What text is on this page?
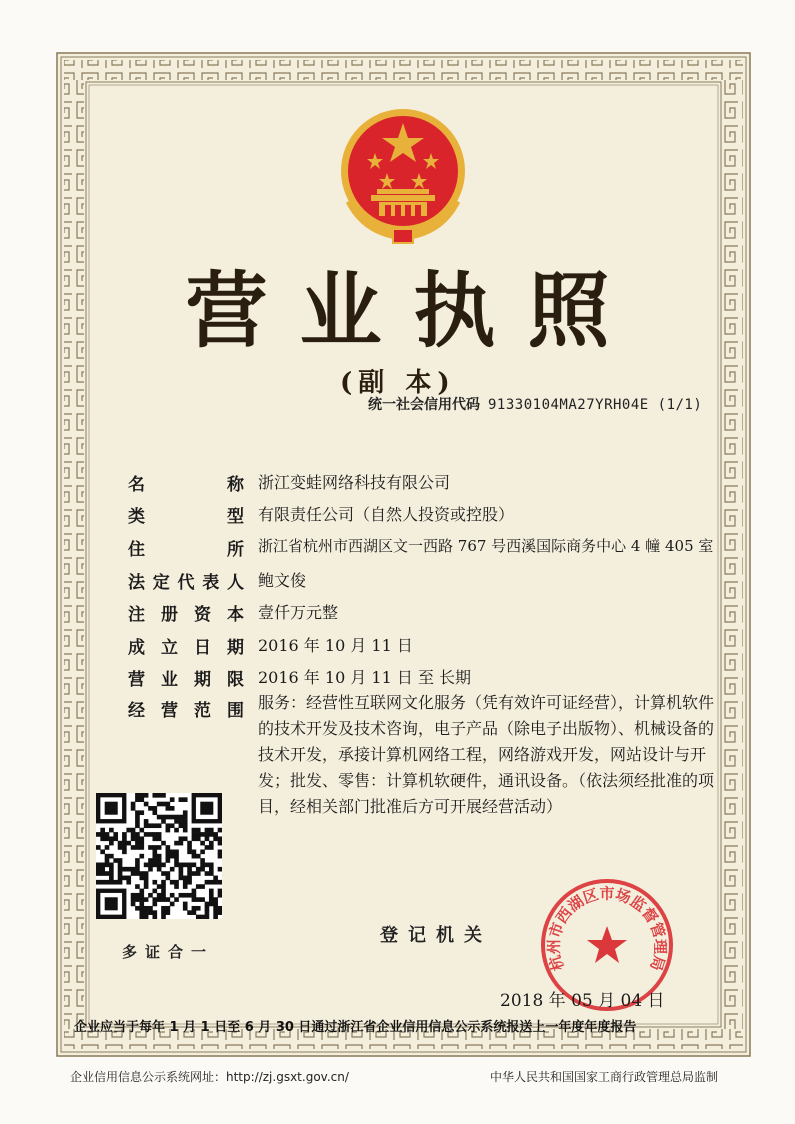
营业执照
(副 本)
统一社会信用代码 91330104MA27YRH04E (1/1)
名	称 浙江变蛙网络科技有限公司
类	型 有限责任公司（自然人投资或控股）
住	所 浙江省杭州市西湖区文一西路 767 号西溪国际商务中心 4 幢 405 室
法 定 代 表 人 鲍文俊
注 册 资 本 壹仟万元整
成 立 日 期 2016 年 10 月 11 日
营 业 期 限 2016 年 10 月 11 日 至 长期
经 营 范 围 服务：经营性互联网文化服务（凭有效许可证经营），计算机软件的技术开发及技术咨询，电子产品（除电子出版物）、机械设备的技术开发，承接计算机网络工程，网络游戏开发，网站设计与开发；批发、零售：计算机软硬件，通讯设备。（依法须经批准的项目，经相关部门批准后方可开展经营活动）
多证合一
登记机关
杭州市西湖区市场监督管理局
2018 年 05 月 04 日
企业应当于每年 1 月 1 日至 6 月 30 日通过浙江省企业信用信息公示系统报送上一年度年度报告
企业信用信息公示系统网址：http://zj.gsxt.gov.cn/	中华人民共和国国家工商行政管理总局监制
